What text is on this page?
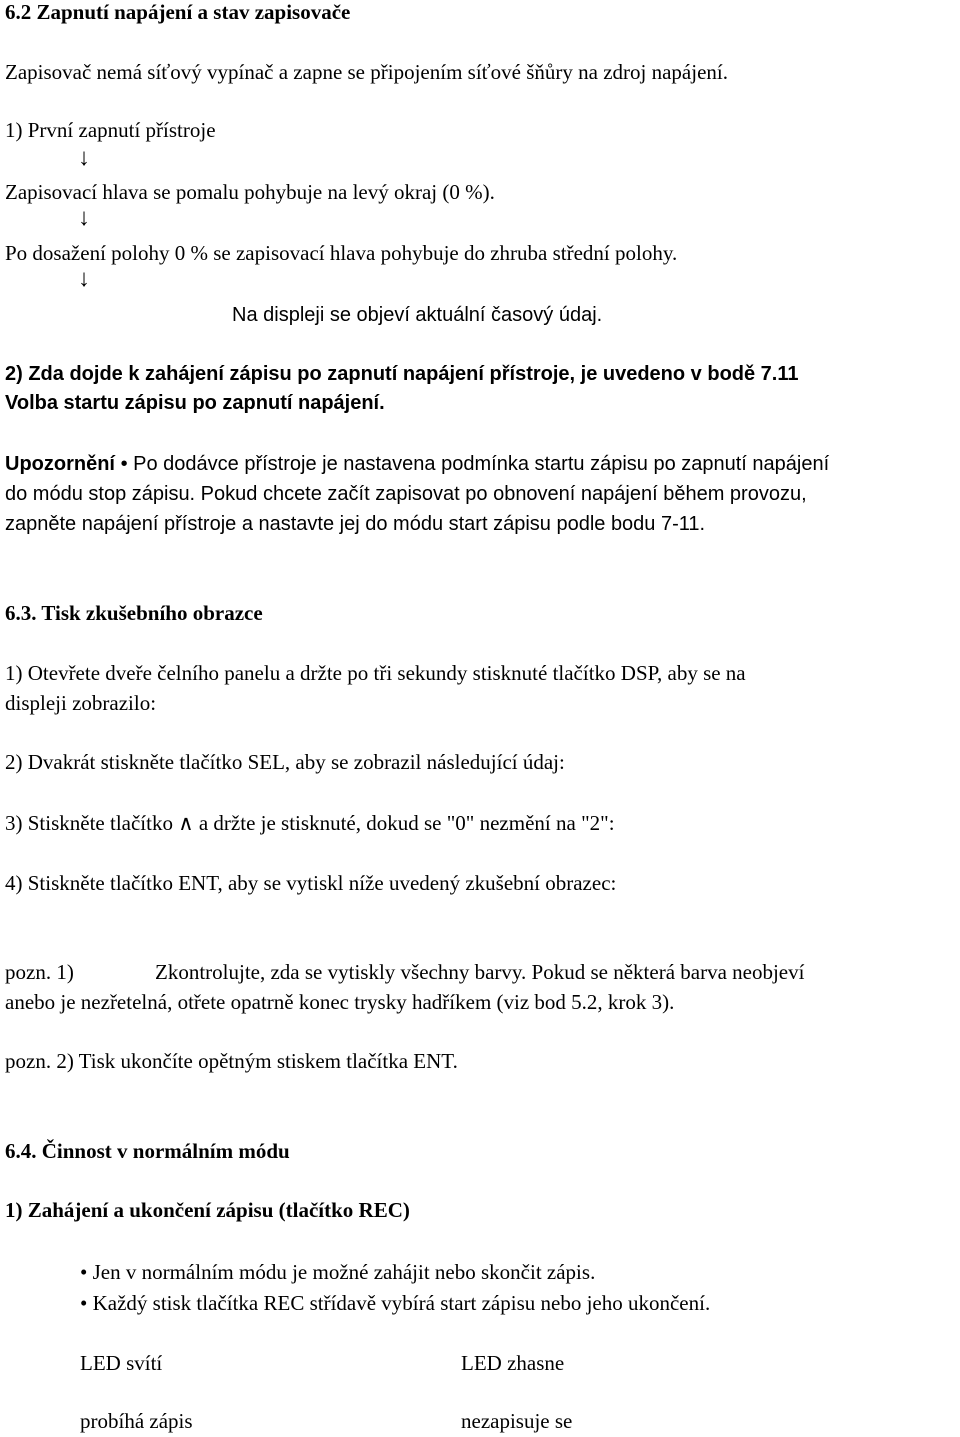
6.2 Zapnutí napájení a stav zapisovače
Zapisovač nemá síťový vypínač a zapne se připojením síťové šňůry na zdroj napájení.
1) První zapnutí přístroje
↓
Zapisovací hlava se pomalu pohybuje na levý okraj (0 %).
↓
Po dosažení polohy 0 % se zapisovací hlava pohybuje do zhruba střední polohy.
↓
Na displeji se objeví aktuální časový údaj.
2) Zda dojde k zahájení zápisu po zapnutí napájení přístroje, je uvedeno v bodě 7.11
Volba startu zápisu po zapnutí napájení.
Upozornění • Po dodávce přístroje je nastavena podmínka startu zápisu po zapnutí napájení
do módu stop zápisu. Pokud chcete začít zapisovat po obnovení napájení během provozu,
zapněte napájení přístroje a nastavte jej do módu start zápisu podle bodu 7-11.
6.3. Tisk zkušebního obrazce
1) Otevřete dveře čelního panelu a držte po tři sekundy stisknuté tlačítko DSP, aby se na
displeji zobrazilo:
2) Dvakrát stiskněte tlačítko SEL, aby se zobrazil následující údaj:
3) Stiskněte tlačítko ∧ a držte je stisknuté, dokud se "0" nezmění na "2":
4) Stiskněte tlačítko ENT, aby se vytiskl níže uvedený zkušební obrazec:
pozn. 1)	Zkontrolujte, zda se vytiskly všechny barvy. Pokud se některá barva neobjeví
anebo je nezřetelná, otřete opatrně konec trysky hadříkem (viz bod 5.2, krok 3).
pozn. 2) Tisk ukončíte opětným stiskem tlačítka ENT.
6.4. Činnost v normálním módu
1) Zahájení a ukončení zápisu (tlačítko REC)
• Jen v normálním módu je možné zahájit nebo skončit zápis.
• Každý stisk tlačítka REC střídavě vybírá start zápisu nebo jeho ukončení.
LED svítí	LED zhasne
probíhá zápis	nezapisuje se
